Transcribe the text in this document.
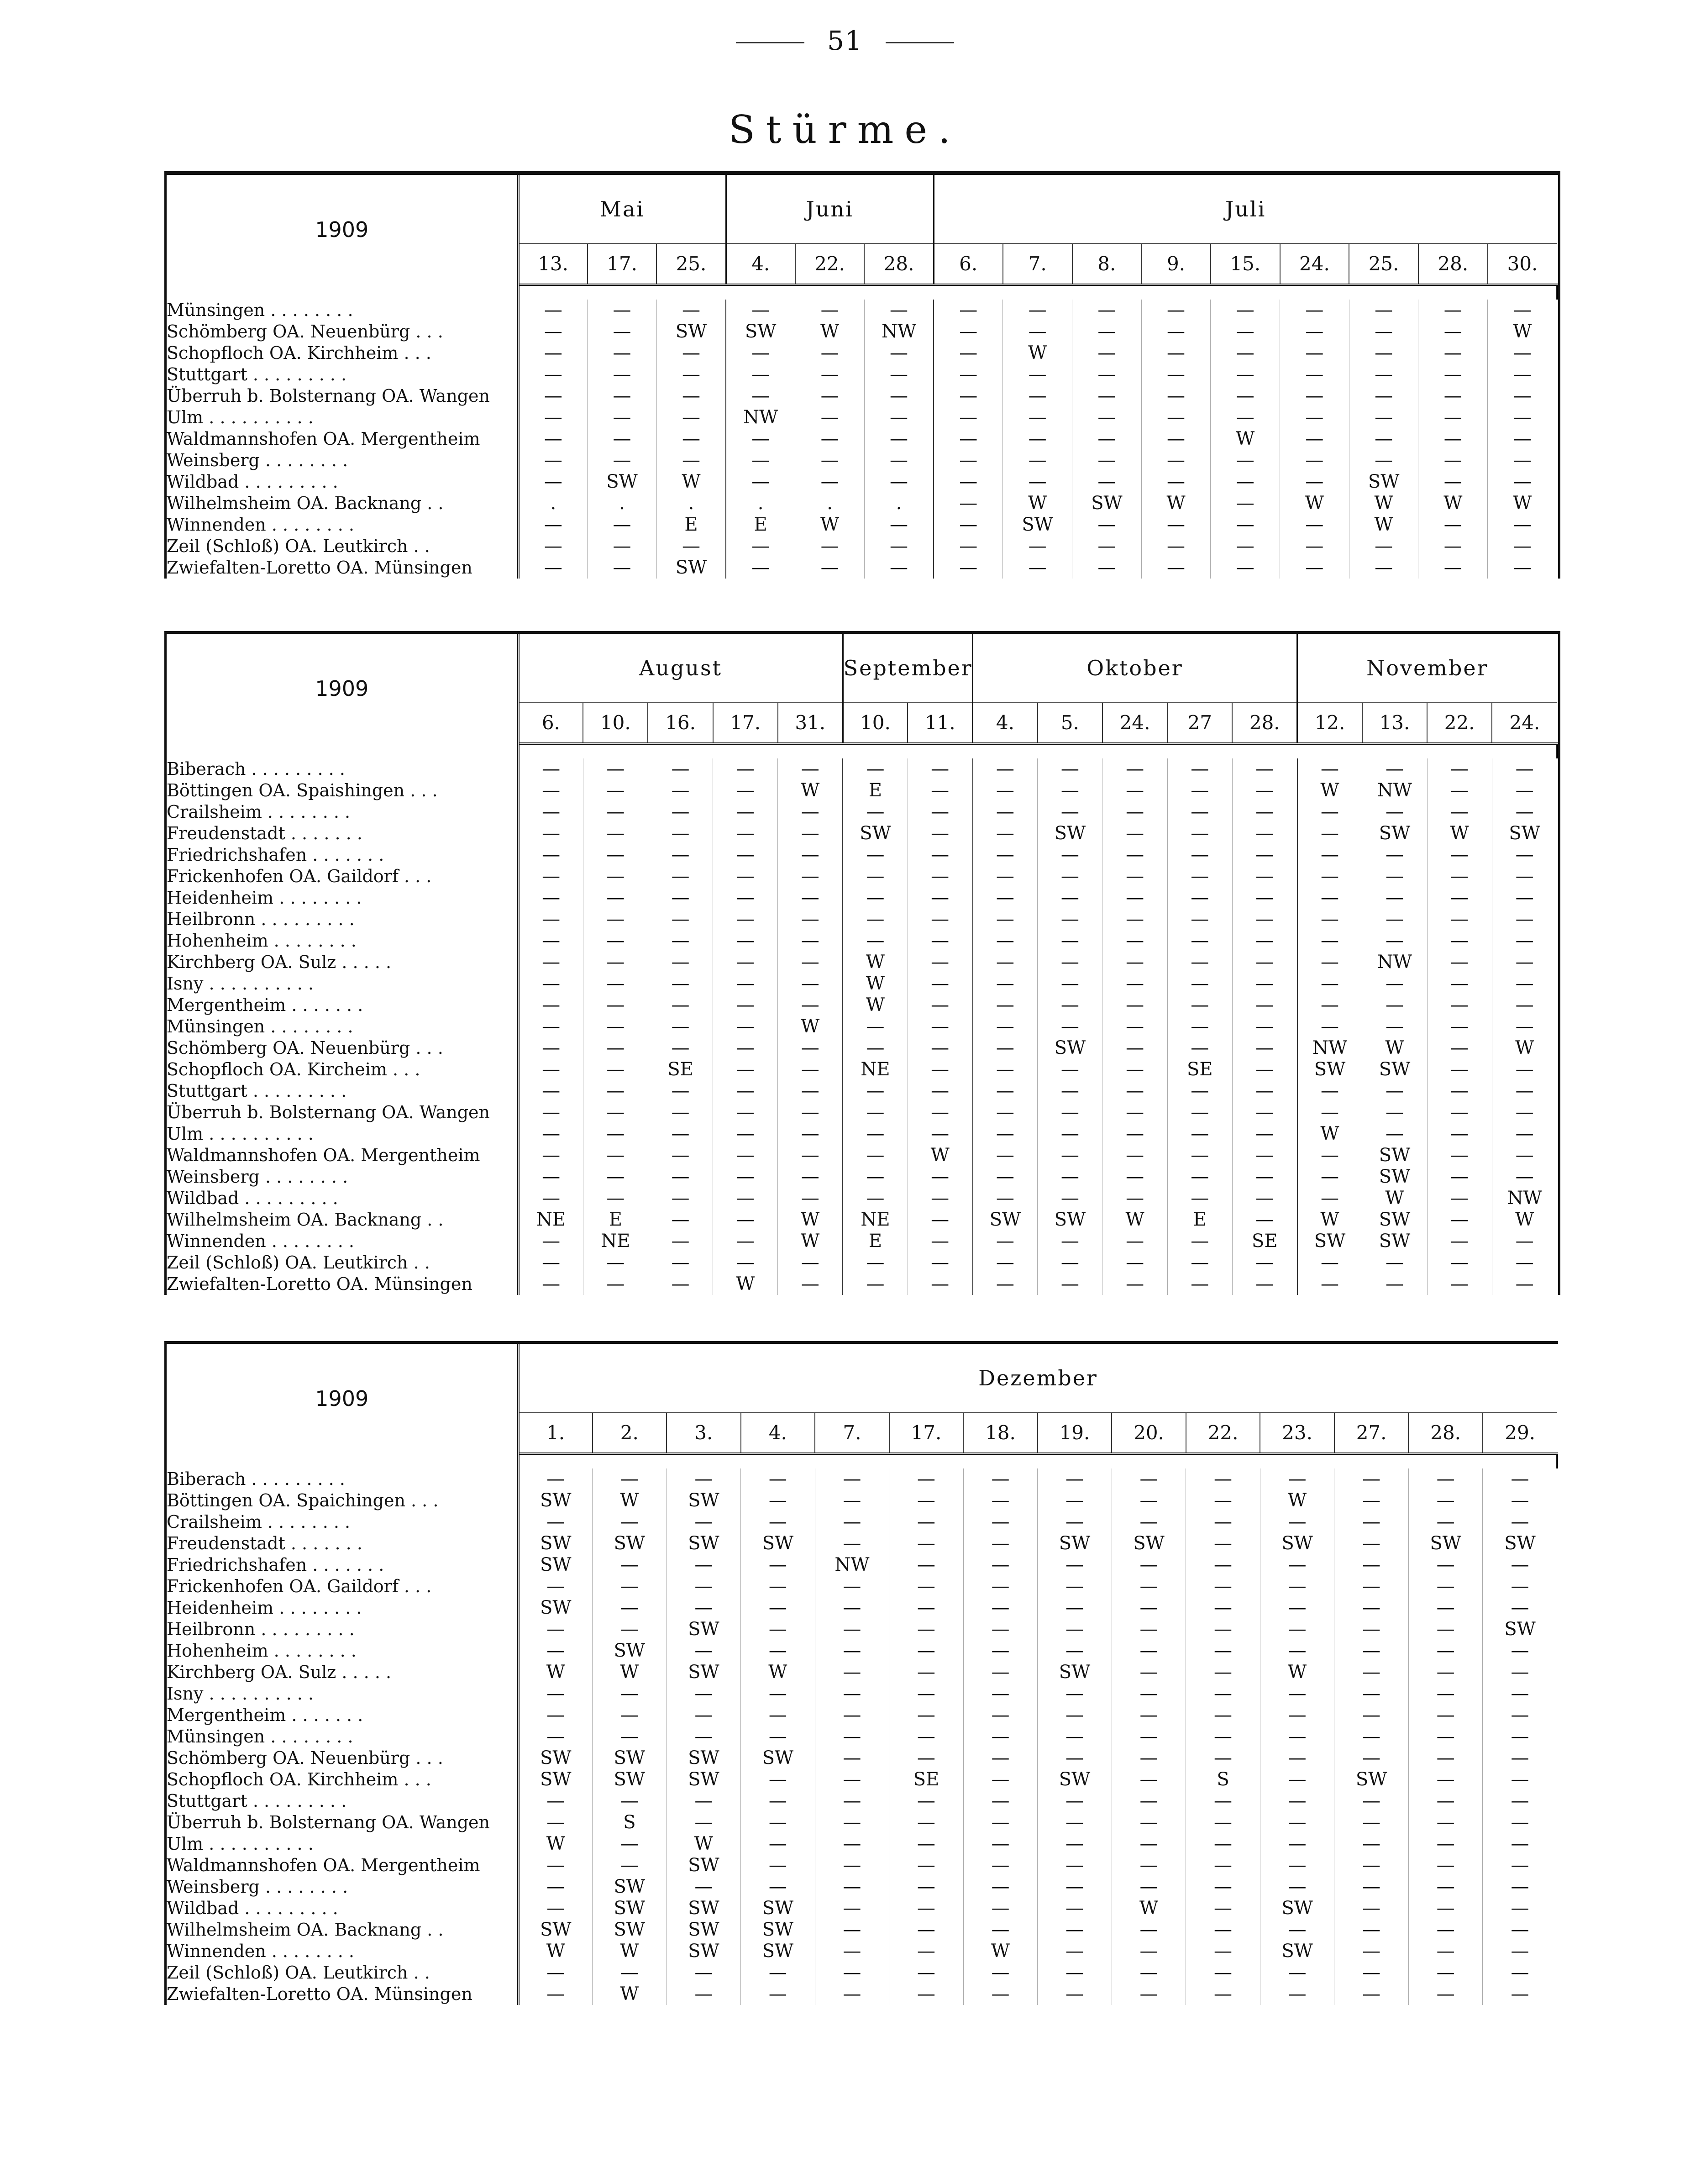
51
Stürme.
1909	Mai			Juni			Juli								
	13.	17.	25.	4.	22.	28.	6.	7.	8.	9.	15.	24.	25.	28.	30.

Münsingen . . . . . . . .	—	—	—	—	—	—	—	—	—	—	—	—	—	—	—
Schömberg OA. Neuenbürg . . .	—	—	SW	SW	W	NW	—	—	—	—	—	—	—	—	W
Schopfloch OA. Kirchheim . . .	—	—	—	—	—	—	—	W	—	—	—	—	—	—	—
Stuttgart . . . . . . . . .	—	—	—	—	—	—	—	—	—	—	—	—	—	—	—
Überruh b. Bolsternang OA. Wangen	—	—	—	—	—	—	—	—	—	—	—	—	—	—	—
Ulm . . . . . . . . . .	—	—	—	NW	—	—	—	—	—	—	—	—	—	—	—
Waldmannshofen OA. Mergentheim	—	—	—	—	—	—	—	—	—	—	W	—	—	—	—
Weinsberg . . . . . . . .	—	—	—	—	—	—	—	—	—	—	—	—	—	—	—
Wildbad . . . . . . . . .	—	SW	W	—	—	—	—	—	—	—	—	—	SW	—	—
Wilhelmsheim OA. Backnang . .	.	.	.	.	.	.	—	W	SW	W	—	W	W	W	W
Winnenden . . . . . . . .	—	—	E	E	W	—	—	SW	—	—	—	—	W	—	—
Zeil (Schloß) OA. Leutkirch . .	—	—	—	—	—	—	—	—	—	—	—	—	—	—	—
Zwiefalten-Loretto OA. Münsingen	—	—	SW	—	—	—	—	—	—	—	—	—	—	—	—
1909	August					September		Oktober					November			
	6.	10.	16.	17.	31.	10.	11.	4.	5.	24.	27	28.	12.	13.	22.	24.

Biberach . . . . . . . . .	—	—	—	—	—	—	—	—	—	—	—	—	—	—	—	—
Böttingen OA. Spaishingen . . .	—	—	—	—	W	E	—	—	—	—	—	—	W	NW	—	—
Crailsheim . . . . . . . .	—	—	—	—	—	—	—	—	—	—	—	—	—	—	—	—
Freudenstadt . . . . . . .	—	—	—	—	—	SW	—	—	SW	—	—	—	—	SW	W	SW
Friedrichshafen . . . . . . .	—	—	—	—	—	—	—	—	—	—	—	—	—	—	—	—
Frickenhofen OA. Gaildorf . . .	—	—	—	—	—	—	—	—	—	—	—	—	—	—	—	—
Heidenheim . . . . . . . .	—	—	—	—	—	—	—	—	—	—	—	—	—	—	—	—
Heilbronn . . . . . . . . .	—	—	—	—	—	—	—	—	—	—	—	—	—	—	—	—
Hohenheim . . . . . . . .	—	—	—	—	—	—	—	—	—	—	—	—	—	—	—	—
Kirchberg OA. Sulz . . . . .	—	—	—	—	—	W	—	—	—	—	—	—	—	NW	—	—
Isny . . . . . . . . . .	—	—	—	—	—	W	—	—	—	—	—	—	—	—	—	—
Mergentheim . . . . . . .	—	—	—	—	—	W	—	—	—	—	—	—	—	—	—	—
Münsingen . . . . . . . .	—	—	—	—	W	—	—	—	—	—	—	—	—	—	—	—
Schömberg OA. Neuenbürg . . .	—	—	—	—	—	—	—	—	SW	—	—	—	NW	W	—	W
Schopfloch OA. Kircheim . . .	—	—	SE	—	—	NE	—	—	—	—	SE	—	SW	SW	—	—
Stuttgart . . . . . . . . .	—	—	—	—	—	—	—	—	—	—	—	—	—	—	—	—
Überruh b. Bolsternang OA. Wangen	—	—	—	—	—	—	—	—	—	—	—	—	—	—	—	—
Ulm . . . . . . . . . .	—	—	—	—	—	—	—	—	—	—	—	—	W	—	—	—
Waldmannshofen OA. Mergentheim	—	—	—	—	—	—	W	—	—	—	—	—	—	SW	—	—
Weinsberg . . . . . . . .	—	—	—	—	—	—	—	—	—	—	—	—	—	SW	—	—
Wildbad . . . . . . . . .	—	—	—	—	—	—	—	—	—	—	—	—	—	W	—	NW
Wilhelmsheim OA. Backnang . .	NE	E	—	—	W	NE	—	SW	SW	W	E	—	W	SW	—	W
Winnenden . . . . . . . .	—	NE	—	—	W	E	—	—	—	—	—	SE	SW	SW	—	—
Zeil (Schloß) OA. Leutkirch . .	—	—	—	—	—	—	—	—	—	—	—	—	—	—	—	—
Zwiefalten-Loretto OA. Münsingen	—	—	—	W	—	—	—	—	—	—	—	—	—	—	—	—
1909	Dezember													
	1.	2.	3.	4.	7.	17.	18.	19.	20.	22.	23.	27.	28.	29.

Biberach . . . . . . . . .	—	—	—	—	—	—	—	—	—	—	—	—	—	—
Böttingen OA. Spaichingen . . .	SW	W	SW	—	—	—	—	—	—	—	W	—	—	—
Crailsheim . . . . . . . .	—	—	—	—	—	—	—	—	—	—	—	—	—	—
Freudenstadt . . . . . . .	SW	SW	SW	SW	—	—	—	SW	SW	—	SW	—	SW	SW
Friedrichshafen . . . . . . .	SW	—	—	—	NW	—	—	—	—	—	—	—	—	—
Frickenhofen OA. Gaildorf . . .	—	—	—	—	—	—	—	—	—	—	—	—	—	—
Heidenheim . . . . . . . .	SW	—	—	—	—	—	—	—	—	—	—	—	—	—
Heilbronn . . . . . . . . .	—	—	SW	—	—	—	—	—	—	—	—	—	—	SW
Hohenheim . . . . . . . .	—	SW	—	—	—	—	—	—	—	—	—	—	—	—
Kirchberg OA. Sulz . . . . .	W	W	SW	W	—	—	—	SW	—	—	W	—	—	—
Isny . . . . . . . . . .	—	—	—	—	—	—	—	—	—	—	—	—	—	—
Mergentheim . . . . . . .	—	—	—	—	—	—	—	—	—	—	—	—	—	—
Münsingen . . . . . . . .	—	—	—	—	—	—	—	—	—	—	—	—	—	—
Schömberg OA. Neuenbürg . . .	SW	SW	SW	SW	—	—	—	—	—	—	—	—	—	—
Schopfloch OA. Kirchheim . . .	SW	SW	SW	—	—	SE	—	SW	—	S	—	SW	—	—
Stuttgart . . . . . . . . .	—	—	—	—	—	—	—	—	—	—	—	—	—	—
Überruh b. Bolsternang OA. Wangen	—	S	—	—	—	—	—	—	—	—	—	—	—	—
Ulm . . . . . . . . . .	W	—	W	—	—	—	—	—	—	—	—	—	—	—
Waldmannshofen OA. Mergentheim	—	—	SW	—	—	—	—	—	—	—	—	—	—	—
Weinsberg . . . . . . . .	—	SW	—	—	—	—	—	—	—	—	—	—	—	—
Wildbad . . . . . . . . .	—	SW	SW	SW	—	—	—	—	W	—	SW	—	—	—
Wilhelmsheim OA. Backnang . .	SW	SW	SW	SW	—	—	—	—	—	—	—	—	—	—
Winnenden . . . . . . . .	W	W	SW	SW	—	—	W	—	—	—	SW	—	—	—
Zeil (Schloß) OA. Leutkirch . .	—	—	—	—	—	—	—	—	—	—	—	—	—	—
Zwiefalten-Loretto OA. Münsingen	—	W	—	—	—	—	—	—	—	—	—	—	—	—
